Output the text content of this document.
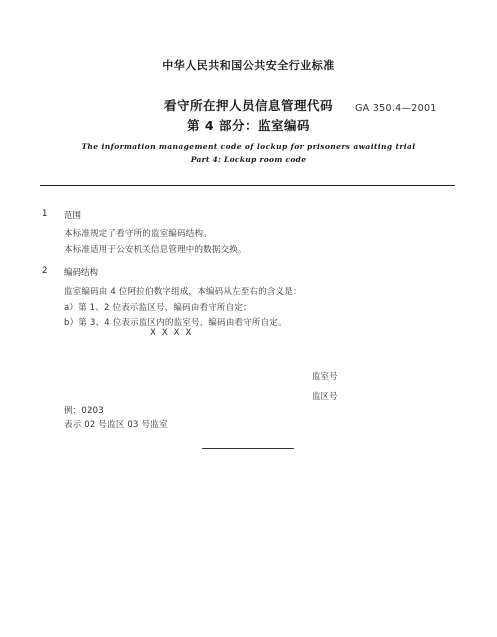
中华人民共和国公共安全行业标准
看守所在押人员信息管理代码
第 4 部分：监室编码
GA 350.4—2001
The information management code of lockup for prisoners awaiting trial
Part 4: Lockup room code
1 范围
本标准规定了看守所的监室编码结构。
本标准适用于公安机关信息管理中的数据交换。
2 编码结构
监室编码由 4 位阿拉伯数字组成，本编码从左至右的含义是：
a）第 1、2 位表示监区号，编码由看守所自定；
b）第 3、4 位表示监区内的监室号，编码由看守所自定。
XXXX
监室号
监区号
例：0203
表示 02 号监区 03 号监室
